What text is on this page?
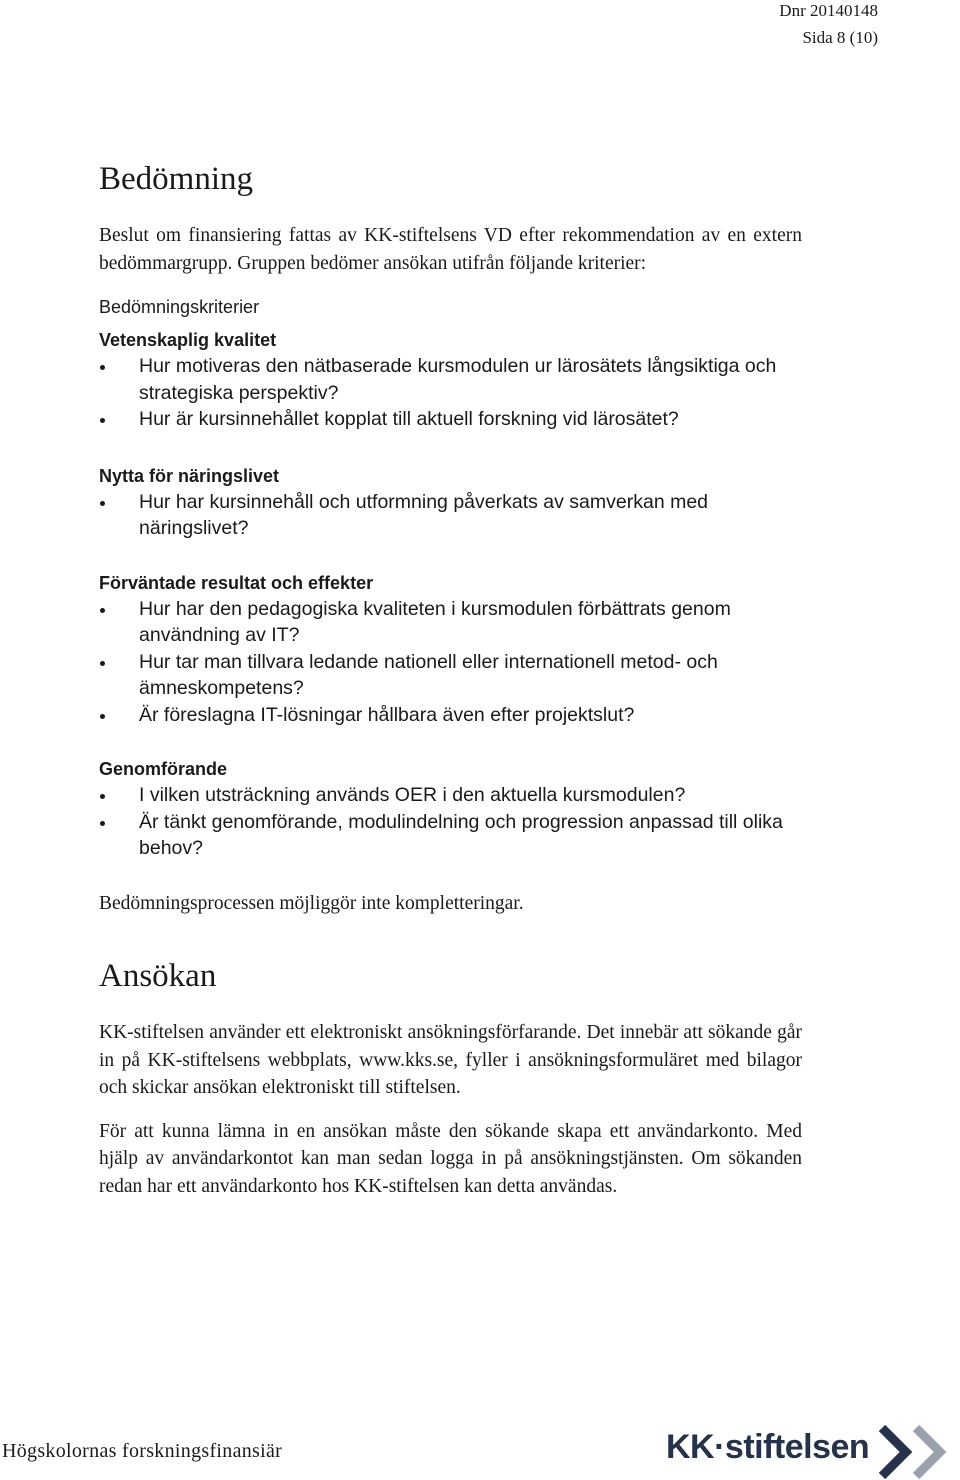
Dnr 20140148
Sida 8 (10)
Bedömning

Beslut om finansiering fattas av KK-stiftelsens VD efter rekommendation av en extern bedömmargrupp. Gruppen bedömer ansökan utifrån följande kriterier:

Bedömningskriterier
Vetenskaplig kvalitet
Hur motiveras den nätbaserade kursmodulen ur lärosätets långsiktiga och strategiska perspektiv?
Hur är kursinnehållet kopplat till aktuell forskning vid lärosätet?
Nytta för näringslivet
Hur har kursinnehåll och utformning påverkats av samverkan med näringslivet?
Förväntade resultat och effekter
Hur har den pedagogiska kvaliteten i kursmodulen förbättrats genom användning av IT?
Hur tar man tillvara ledande nationell eller internationell metod- och ämneskompetens?
Är föreslagna IT-lösningar hållbara även efter projektslut?
Genomförande
I vilken utsträckning används OER i den aktuella kursmodulen?
Är tänkt genomförande, modulindelning och progression anpassad till olika behov?

Bedömningsprocessen möjliggör inte kompletteringar.

Ansökan

KK-stiftelsen använder ett elektroniskt ansökningsförfarande. Det innebär att sökande går in på KK-stiftelsens webbplats, www.kks.se, fyller i ansökningsformuläret med bilagor och skickar ansökan elektroniskt till stiftelsen.

För att kunna lämna in en ansökan måste den sökande skapa ett användarkonto. Med hjälp av användarkontot kan man sedan logga in på ansökningstjänsten. Om sökanden redan har ett användarkonto hos KK-stiftelsen kan detta användas.

Högskolornas forskningsfinansiär	KK·stiftelsen
